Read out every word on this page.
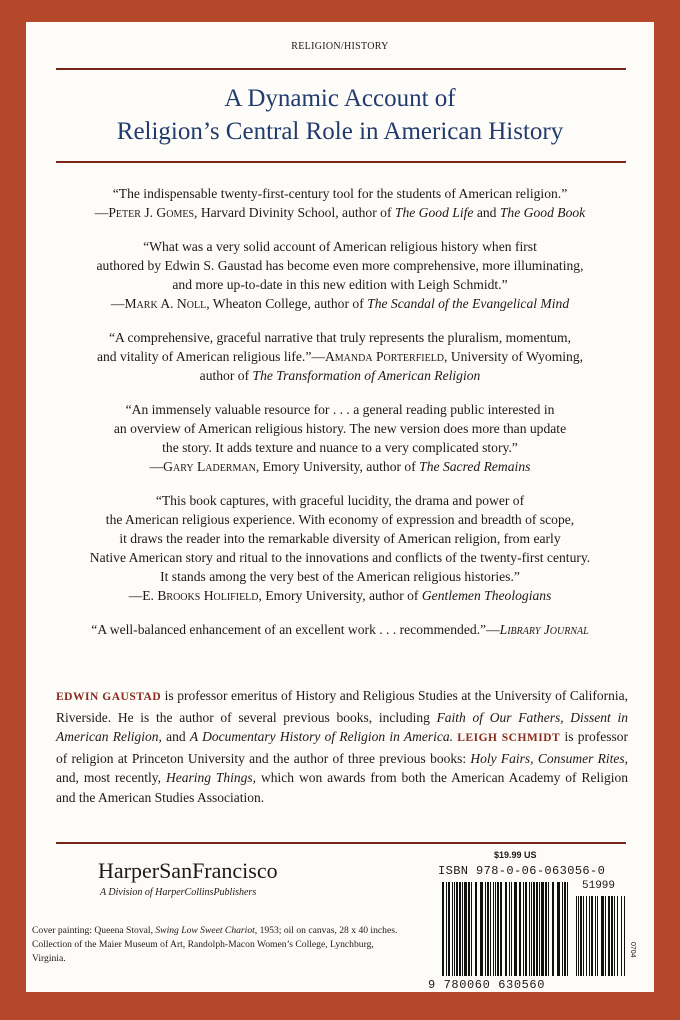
RELIGION/HISTORY
A Dynamic Account of
Religion’s Central Role in American History

“The indispensable twenty-first-century tool for the students of American religion.”
—Peter J. Gomes, Harvard Divinity School, author of The Good Life and The Good Book

“What was a very solid account of American religious history when first
authored by Edwin S. Gaustad has become even more comprehensive, more illuminating,
and more up-to-date in this new edition with Leigh Schmidt.”
—Mark A. Noll, Wheaton College, author of The Scandal of the Evangelical Mind

“A comprehensive, graceful narrative that truly represents the pluralism, momentum,
and vitality of American religious life.”—Amanda Porterfield, University of Wyoming,
author of The Transformation of American Religion

“An immensely valuable resource for . . . a general reading public interested in
an overview of American religious history. The new version does more than update
the story. It adds texture and nuance to a very complicated story.”
—Gary Laderman, Emory University, author of The Sacred Remains

“This book captures, with graceful lucidity, the drama and power of
the American religious experience. With economy of expression and breadth of scope,
it draws the reader into the remarkable diversity of American religion, from early
Native American story and ritual to the innovations and conflicts of the twenty-first century.
It stands among the very best of the American religious histories.”
—E. Brooks Holifield, Emory University, author of Gentlemen Theologians

“A well-balanced enhancement of an excellent work . . . recommended.”—Library Journal

EDWIN GAUSTAD is professor emeritus of History and Religious Studies at the University of California, Riverside. He is the author of several previous books, including Faith of Our Fathers, Dissent in American Religion, and A Documentary History of Religion in America. LEIGH SCHMIDT is professor of religion at Princeton University and the author of three previous books: Holy Fairs, Consumer Rites, and, most recently, Hearing Things, which won awards from both the American Academy of Religion and the American Studies Association.
HarperSanFrancisco
A Division of HarperCollinsPublishers
Cover painting: Queena Stoval, Swing Low Sweet Chariot, 1953; oil on canvas, 28 x 40 inches. Collection of the Maier Museum of Art, Randolph-Macon Women’s College, Lynchburg, Virginia.
$19.99 US
ISBN 978-0-06-063056-0
51999
9 780060 630560
0704
